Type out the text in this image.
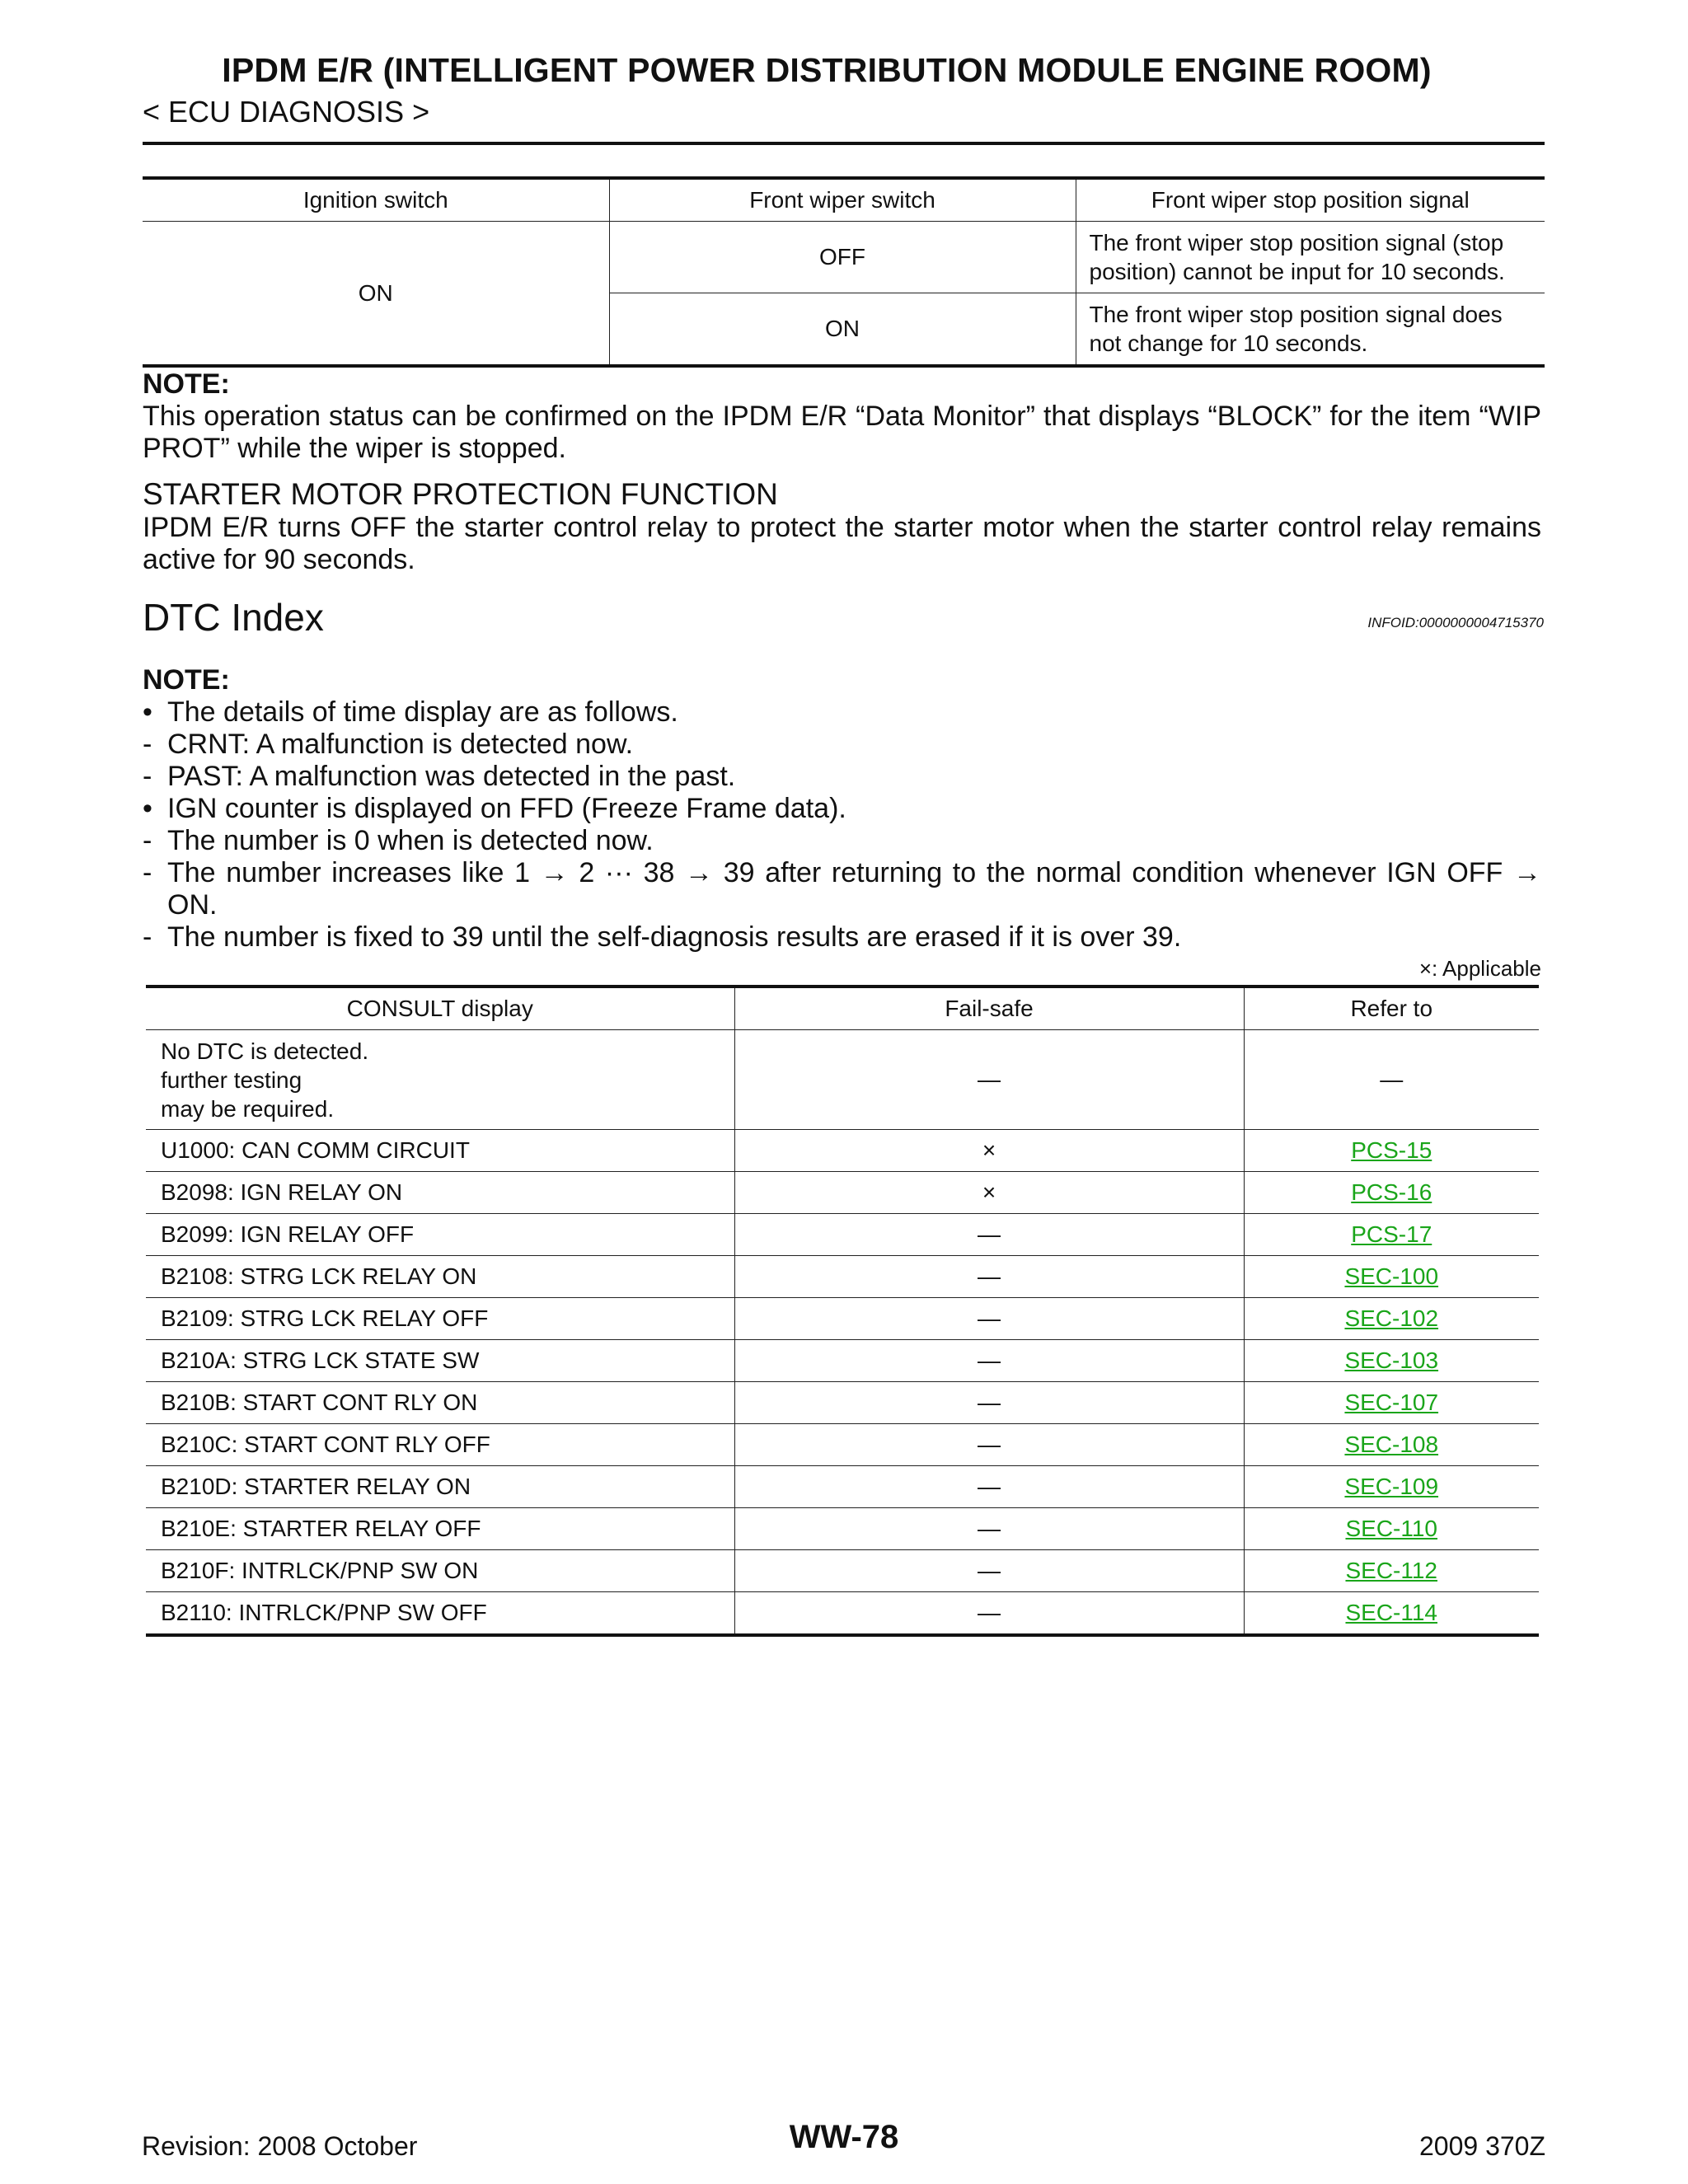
IPDM E/R (INTELLIGENT POWER DISTRIBUTION MODULE ENGINE ROOM)
< ECU DIAGNOSIS >
Ignition switch	Front wiper switch	Front wiper stop position signal
ON	OFF	The front wiper stop position signal (stop position) cannot be input for 10 seconds.
	ON	The front wiper stop position signal does not change for 10 seconds.
NOTE:
This operation status can be confirmed on the IPDM E/R “Data Monitor” that displays “BLOCK” for the item “WIP PROT” while the wiper is stopped.
STARTER MOTOR PROTECTION FUNCTION
IPDM E/R turns OFF the starter control relay to protect the starter motor when the starter control relay remains active for 90 seconds.
DTC Index	INFOID:0000000004715370
NOTE:
• The details of time display are as follows.
- CRNT: A malfunction is detected now.
- PAST: A malfunction was detected in the past.
• IGN counter is displayed on FFD (Freeze Frame data).
- The number is 0 when is detected now.
- The number increases like 1 → 2 ··· 38 → 39 after returning to the normal condition whenever IGN OFF → ON.
- The number is fixed to 39 until the self-diagnosis results are erased if it is over 39.
×: Applicable
CONSULT display	Fail-safe	Refer to

No DTC is detected.
further testing
may be required.	—	—
U1000: CAN COMM CIRCUIT	×	PCS-15
B2098: IGN RELAY ON	×	PCS-16
B2099: IGN RELAY OFF	—	PCS-17
B2108: STRG LCK RELAY ON	—	SEC-100
B2109: STRG LCK RELAY OFF	—	SEC-102
B210A: STRG LCK STATE SW	—	SEC-103
B210B: START CONT RLY ON	—	SEC-107
B210C: START CONT RLY OFF	—	SEC-108
B210D: STARTER RELAY ON	—	SEC-109
B210E: STARTER RELAY OFF	—	SEC-110
B210F: INTRLCK/PNP SW ON	—	SEC-112
B2110: INTRLCK/PNP SW OFF	—	SEC-114
Revision: 2008 October	WW-78	2009 370Z
